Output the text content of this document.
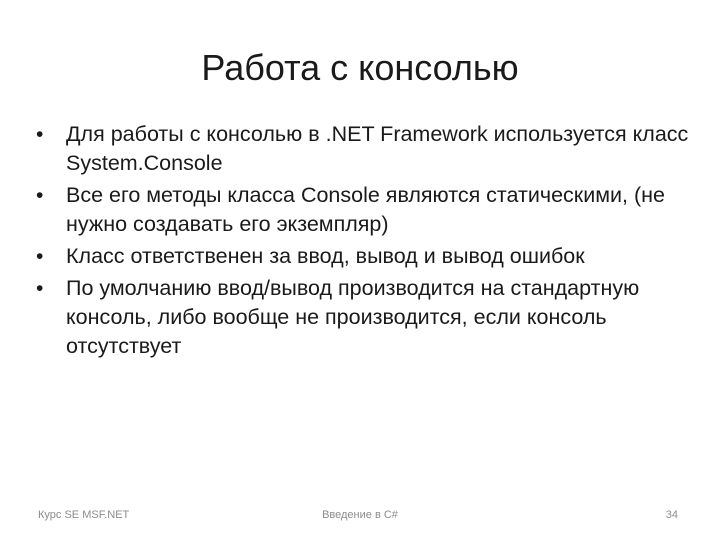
Работа с консолью
•	Для работы с консолью в .NET Framework используется класс System.Console
•	Все его методы класса Console являются статическими, (не нужно создавать его экземпляр)
•	Класс ответственен за ввод, вывод и вывод ошибок
•	По умолчанию ввод/вывод производится на стандартную консоль, либо вообще не производится, если консоль отсутствует
Курс SE MSF.NET	Введение в C#	34
